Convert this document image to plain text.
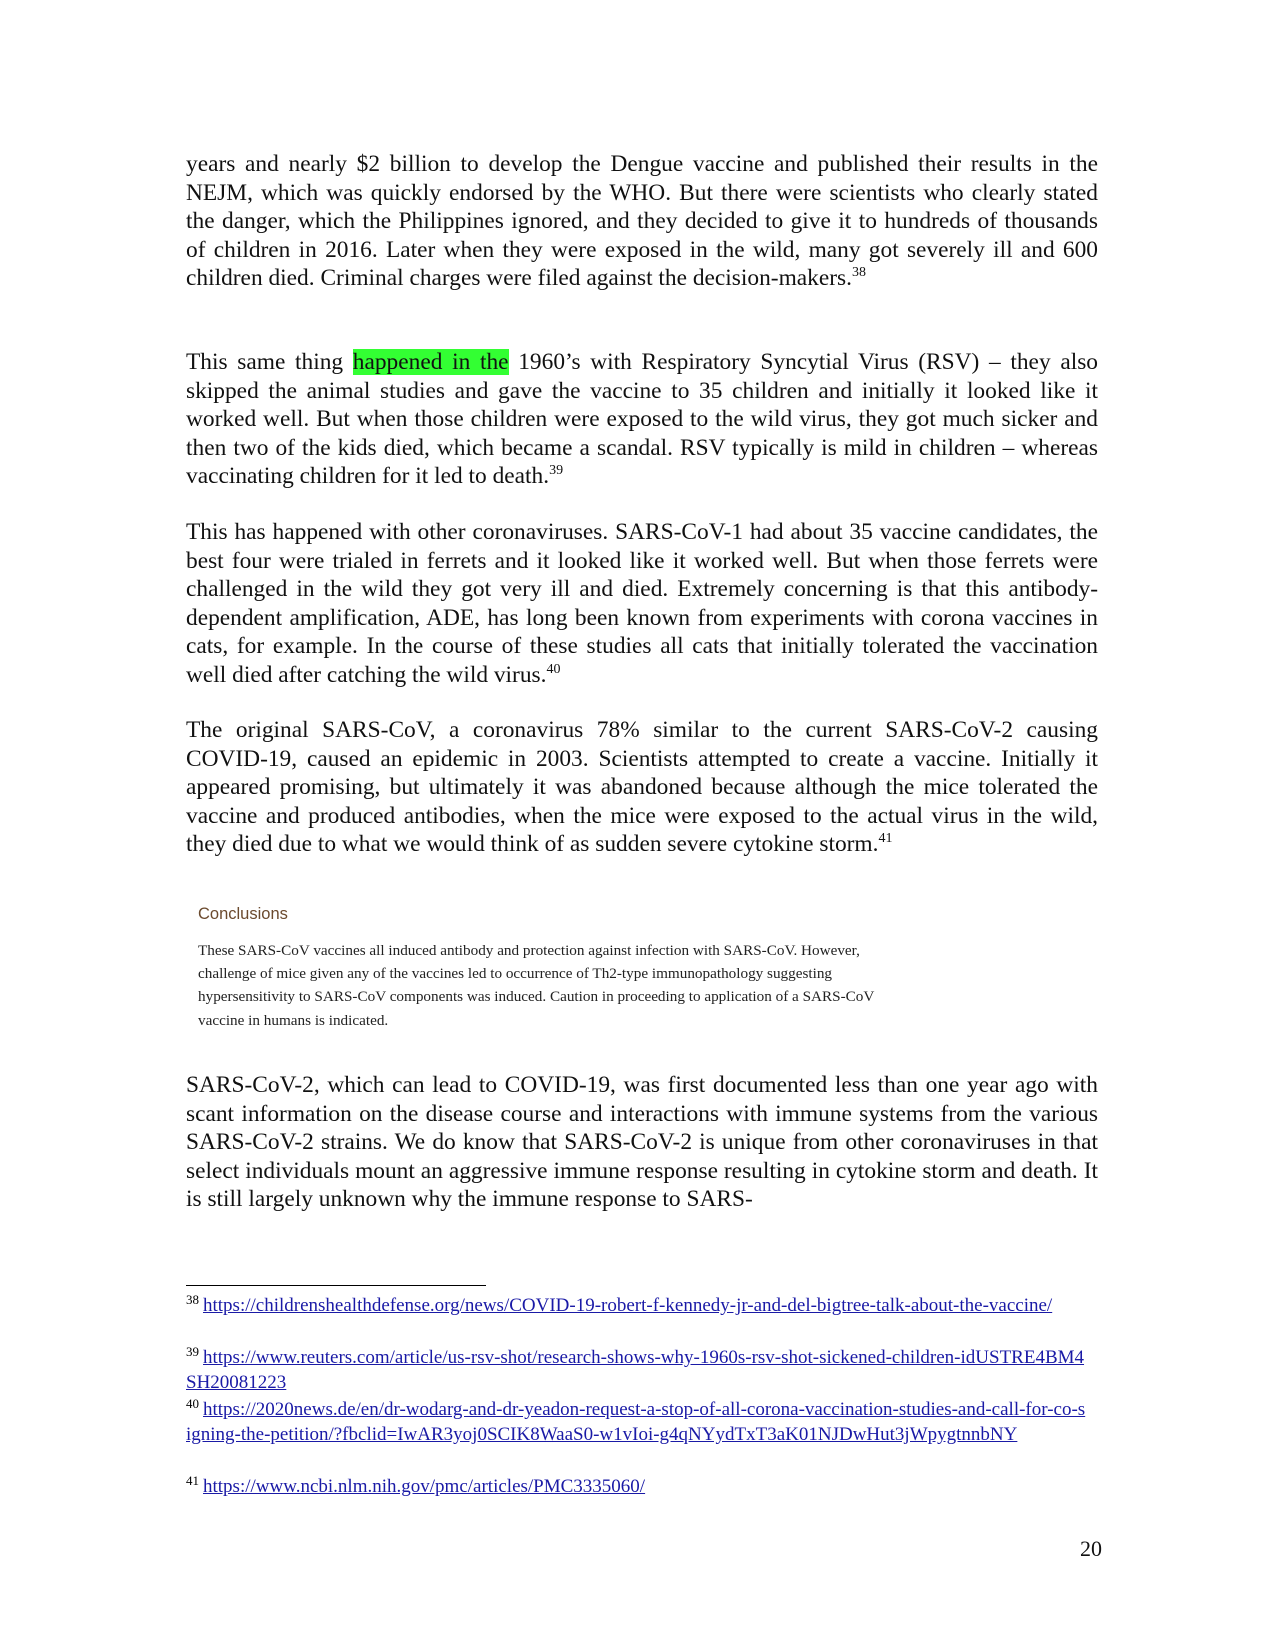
years and nearly $2 billion to develop the Dengue vaccine and published their results in the NEJM, which was quickly endorsed by the WHO. But there were scientists who clearly stated the danger, which the Philippines ignored, and they decided to give it to hundreds of thousands of children in 2016. Later when they were exposed in the wild, many got severely ill and 600 children died. Criminal charges were filed against the decision-makers.$^{38}$

This same thing happened in the 1960’s with Respiratory Syncytial Virus (RSV) – they also skipped the animal studies and gave the vaccine to 35 children and initially it looked like it worked well. But when those children were exposed to the wild virus, they got much sicker and then two of the kids died, which became a scandal. RSV typically is mild in children – whereas vaccinating children for it led to death.$^{39}$

This has happened with other coronaviruses. SARS-CoV-1 had about 35 vaccine candidates, the best four were trialed in ferrets and it looked like it worked well. But when those ferrets were challenged in the wild they got very ill and died. Extremely concerning is that this antibody-dependent amplification, ADE, has long been known from experiments with corona vaccines in cats, for example. In the course of these studies all cats that initially tolerated the vaccination well died after catching the wild virus.$^{40}$

The original SARS-CoV, a coronavirus 78% similar to the current SARS-CoV-2 causing COVID-19, caused an epidemic in 2003. Scientists attempted to create a vaccine. Initially it appeared promising, but ultimately it was abandoned because although the mice tolerated the vaccine and produced antibodies, when the mice were exposed to the actual virus in the wild, they died due to what we would think of as sudden severe cytokine storm.$^{41}$

Conclusions

These SARS-CoV vaccines all induced antibody and protection against infection with SARS-CoV. However, challenge of mice given any of the vaccines led to occurrence of Th2-type immunopathology suggesting hypersensitivity to SARS-CoV components was induced. Caution in proceeding to application of a SARS-CoV vaccine in humans is indicated.

SARS-CoV-2, which can lead to COVID-19, was first documented less than one year ago with scant information on the disease course and interactions with immune systems from the various SARS-CoV-2 strains. We do know that SARS-CoV-2 is unique from other coronaviruses in that select individuals mount an aggressive immune response resulting in cytokine storm and death. It is still largely unknown why the immune response to SARS-

$^{38}$ https://childrenshealthdefense.org/news/COVID-19-robert-f-kennedy-jr-and-del-bigtree-talk-about-the-vaccine/

$^{39}$ https://www.reuters.com/article/us-rsv-shot/research-shows-why-1960s-rsv-shot-sickened-children-idUSTRE4BM4SH20081223

$^{40}$ https://2020news.de/en/dr-wodarg-and-dr-yeadon-request-a-stop-of-all-corona-vaccination-studies-and-call-for-co-signing-the-petition/?fbclid=IwAR3yoj0SCIK8WaaS0-w1vIoi-g4qNYydTxT3aK01NJDwHut3jWpygtnnbNY

$^{41}$ https://www.ncbi.nlm.nih.gov/pmc/articles/PMC3335060/

20
